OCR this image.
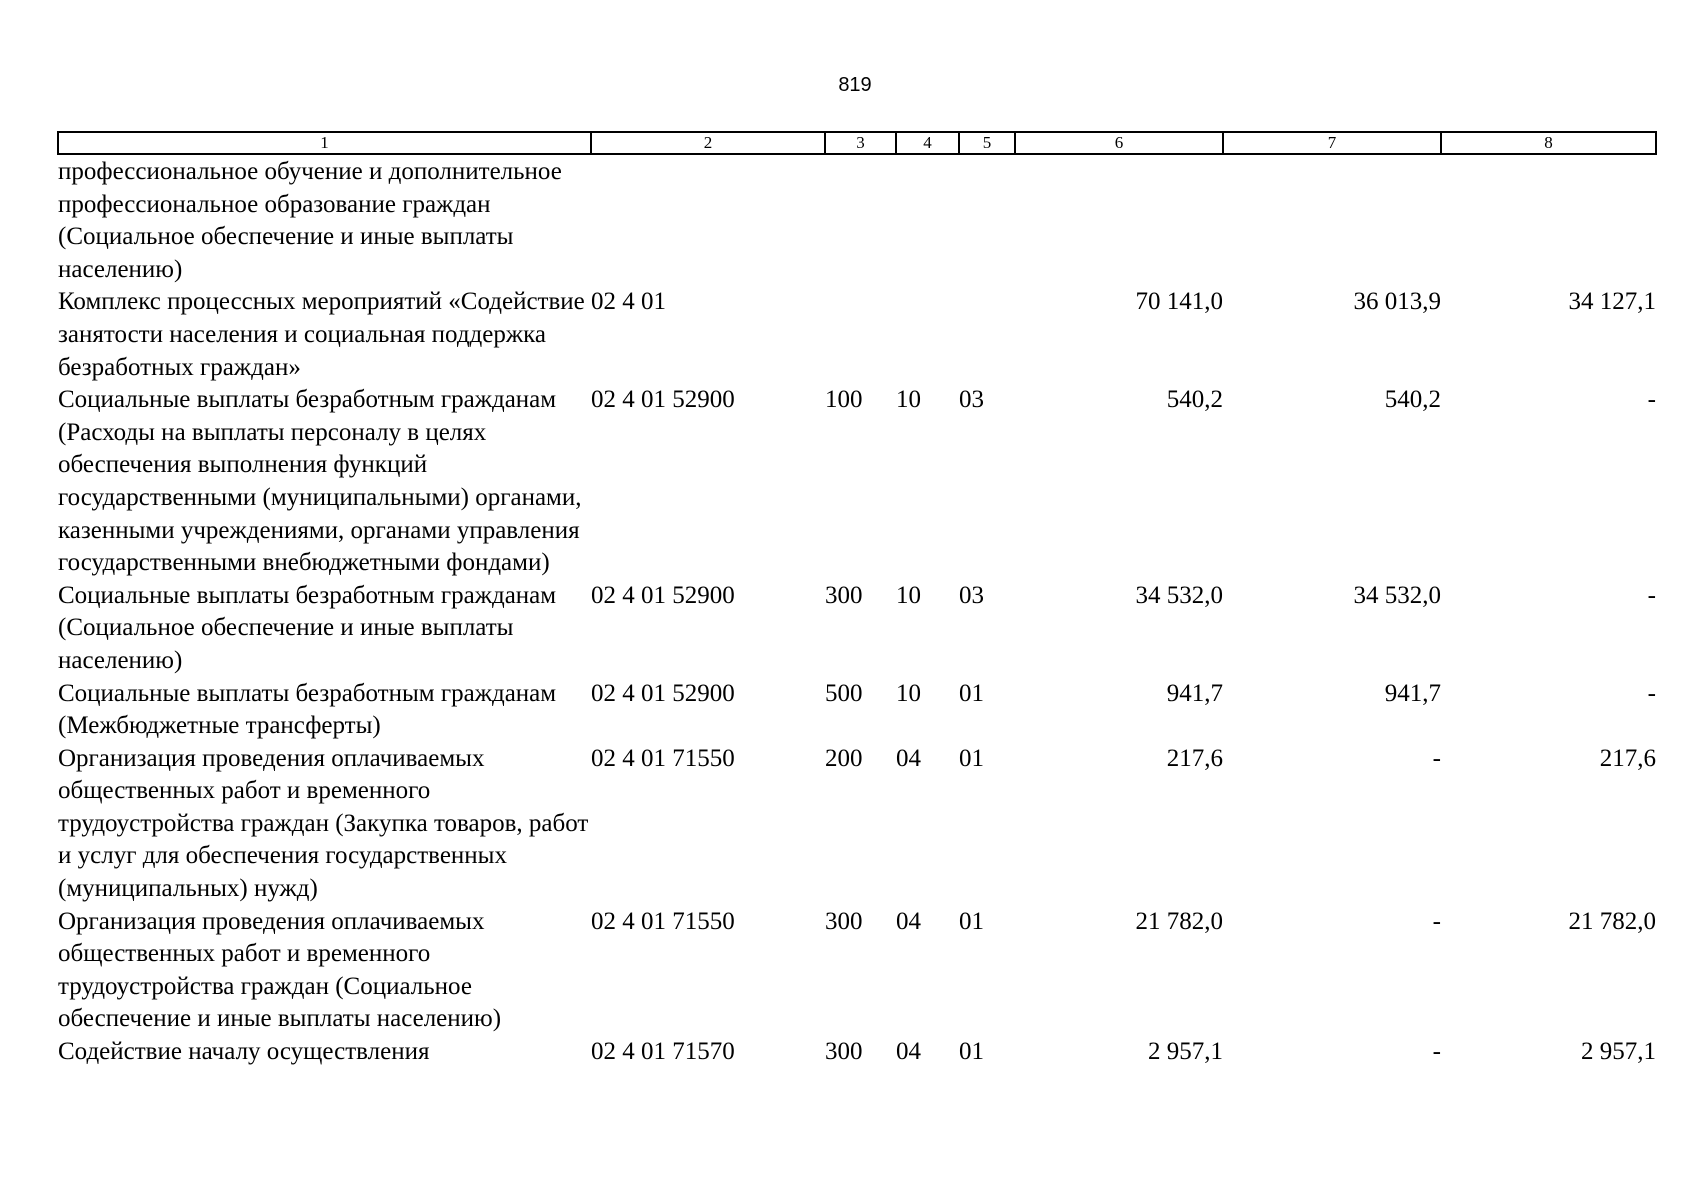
819
1	2	3	4	5	6	7	8
профессиональное обучение и дополнительное профессиональное образование граждан (Социальное обеспечение и иные выплаты населению)							
Комплекс процессных мероприятий «Содействие занятости населения и социальная поддержка безработных граждан»	02 4 01				70 141,0	36 013,9	34 127,1
Социальные выплаты безработным гражданам (Расходы на выплаты персоналу в целях обеспечения выполнения функций государственными (муниципальными) органами, казенными учреждениями, органами управления государственными внебюджетными фондами)	02 4 01 52900	100	10	03	540,2	540,2	-
Социальные выплаты безработным гражданам (Социальное обеспечение и иные выплаты населению)	02 4 01 52900	300	10	03	34 532,0	34 532,0	-
Социальные выплаты безработным гражданам (Межбюджетные трансферты)	02 4 01 52900	500	10	01	941,7	941,7	-
Организация проведения оплачиваемых общественных работ и временного трудоустройства граждан (Закупка товаров, работ и услуг для обеспечения государственных (муниципальных) нужд)	02 4 01 71550	200	04	01	217,6	-	217,6
Организация проведения оплачиваемых общественных работ и временного трудоустройства граждан (Социальное обеспечение и иные выплаты населению)	02 4 01 71550	300	04	01	21 782,0	-	21 782,0
Содействие началу осуществления	02 4 01 71570	300	04	01	2 957,1	-	2 957,1
